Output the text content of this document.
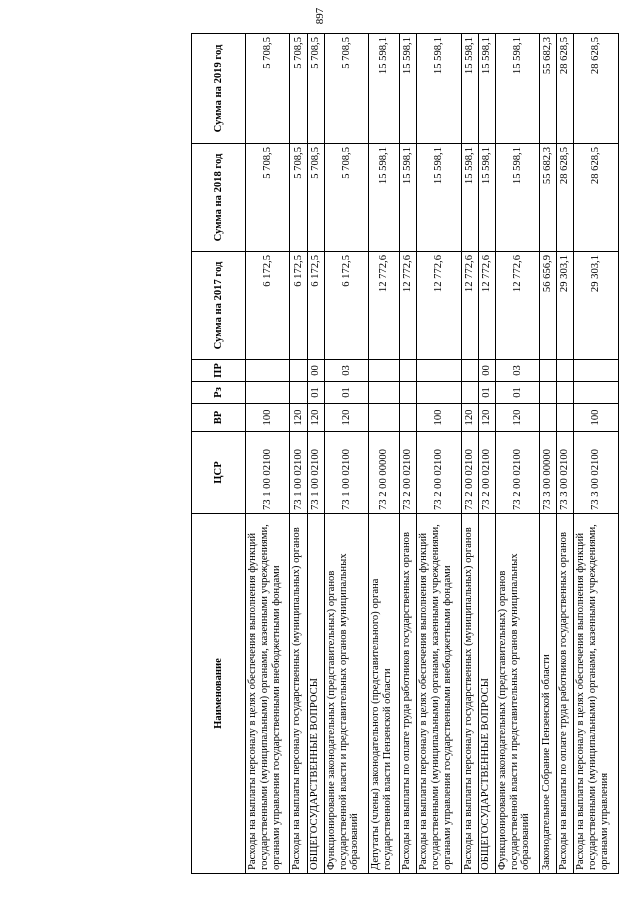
897
Наименование	ЦСР	ВР	Рз	ПР	Сумма на 2017 год	Сумма на 2018 год	Сумма на 2019 год
Расходы на выплаты персоналу в целях обеспечения выполнения функций государственными (муниципальными) органами, казенными учреждениями, органами управления государственными внебюджетными фондами	73 1 00 02100	100			6 172,5	5 708,5	5 708,5
Расходы на выплаты персоналу государственных (муниципальных) органов	73 1 00 02100	120			6 172,5	5 708,5	5 708,5
ОБЩЕГОСУДАРСТВЕННЫЕ ВОПРОСЫ	73 1 00 02100	120	01	00	6 172,5	5 708,5	5 708,5
Функционирование законодательных (представительных) органов государственной власти и представительных органов муниципальных образований	73 1 00 02100	120	01	03	6 172,5	5 708,5	5 708,5
Депутаты (члены) законодательного (представительного) органа государственной власти Пензенской области	73 2 00 00000				12 772,6	15 598,1	15 598,1
Расходы на выплаты по оплате труда работников государственных органов	73 2 00 02100				12 772,6	15 598,1	15 598,1
Расходы на выплаты персоналу в целях обеспечения выполнения функций государственными (муниципальными) органами, казенными учреждениями, органами управления государственными внебюджетными фондами	73 2 00 02100	100			12 772,6	15 598,1	15 598,1
Расходы на выплаты персоналу государственных (муниципальных) органов	73 2 00 02100	120			12 772,6	15 598,1	15 598,1
ОБЩЕГОСУДАРСТВЕННЫЕ ВОПРОСЫ	73 2 00 02100	120	01	00	12 772,6	15 598,1	15 598,1
Функционирование законодательных (представительных) органов государственной власти и представительных органов муниципальных образований	73 2 00 02100	120	01	03	12 772,6	15 598,1	15 598,1
Законодательное Собрание Пензенской области	73 3 00 00000				56 656,9	55 682,3	55 682,3
Расходы на выплаты по оплате труда работников государственных органов	73 3 00 02100				29 303,1	28 628,5	28 628,5
Расходы на выплаты персоналу в целях обеспечения выполнения функций государственными (муниципальными) органами, казенными учреждениями, органами управления	73 3 00 02100	100			29 303,1	28 628,5	28 628,5
